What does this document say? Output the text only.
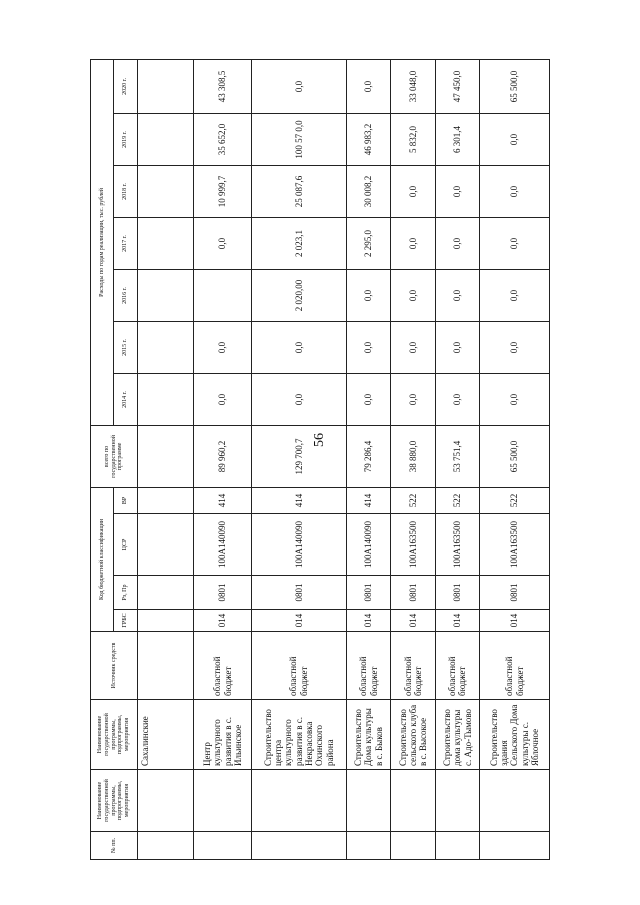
56
№ пп.	Наименование государственной программы, подпрограммы, мероприятия	Наименование государственной программы, подпрограммы, мероприятия	Источник средств	Код бюджетной классификации				всего по государственной программе	Расходы по годам реализации, тыс. рублей						
				ГРБС	Рз, Пр	ЦСР	ВР		2014 г.	2015 г.	2016 г.	2017 г.	2018 г.	2019 г.	2020 г.
		Сахалинские													
		Центр культурного развития в с. Ильинское	областной бюджет	014	0801	100А140090	414	89 960,2	0,0	0,0		0,0	10 999,7	35 652,0	43 308,5
		Строительство центра культурного развития в с. Некрасовка Охинского района	областной бюджет	014	0801	100А140090	414	129 700,7	0,0	0,0	2 020,00	2 023,1	25 087,6	100 57 0,0	0,0
		Строительство Дома культуры в с. Быков	областной бюджет	014	0801	100А140090	414	79 286,4	0,0	0,0	0,0	2 295,0	30 008,2	46 983,2	0,0
		Строительство сельского клуба в с. Высокое	областной бюджет	014	0801	100А163500	522	38 880,0	0,0	0,0	0,0	0,0	0,0	5 832,0	33 048,0
		Строительство дома культуры с. Адо-Тымово	областной бюджет	014	0801	100А163500	522	53 751,4	0,0	0,0	0,0	0,0	0,0	6 301,4	47 450,0
		Строительство здания Сельского Дома культуры с. Яблочное	областной бюджет	014	0801	100А163500	522	65 500,0	0,0	0,0	0,0	0,0	0,0	0,0	65 500,0
